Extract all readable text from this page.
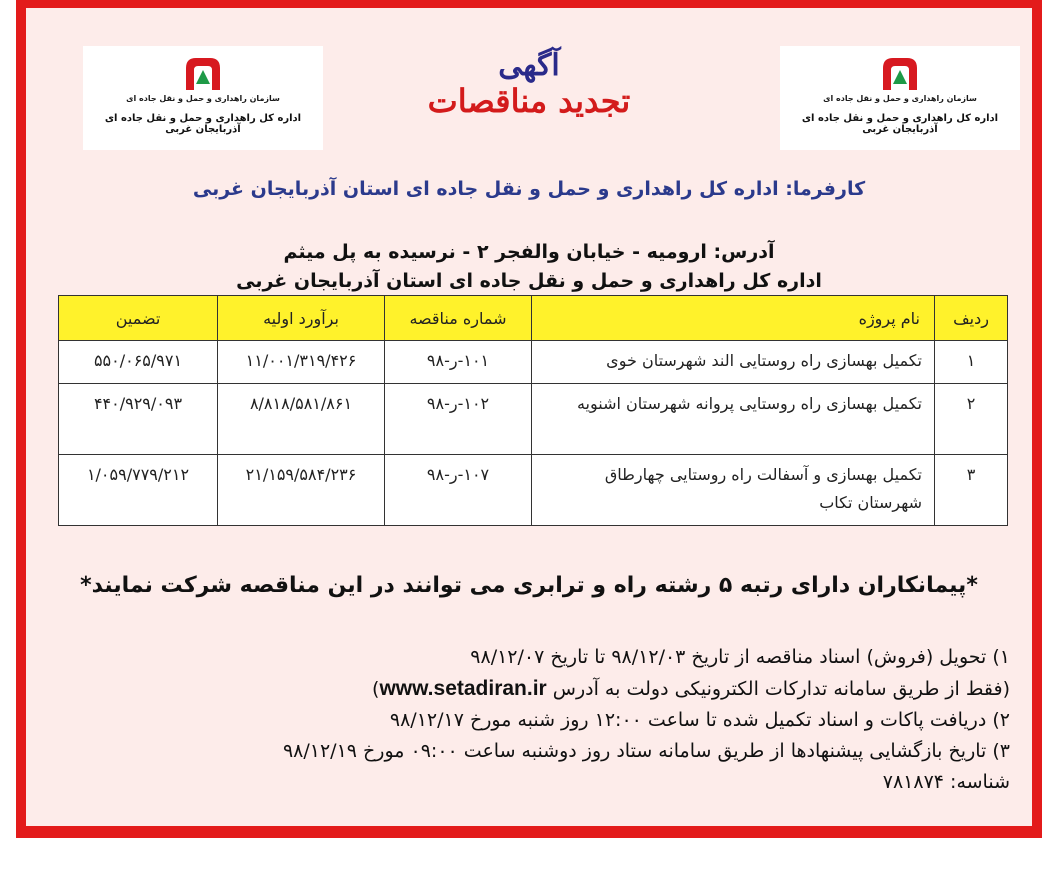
سازمان راهداری و حمل و نقل جاده ای
اداره کل راهداری و حمل و نقل جاده ای آذربایجان غربی
سازمان راهداری و حمل و نقل جاده ای
اداره کل راهداری و حمل و نقل جاده ای آذربایجان غربی
آگهی
تجدید مناقصات
کارفرما: اداره کل راهداری و حمل و نقل جاده ای استان آذربایجان غربی
آدرس: ارومیه - خیابان والفجر ۲ - نرسیده به پل میثم
اداره کل راهداری و حمل و نقل جاده ای استان آذربایجان غربی
ردیف	نام پروژه	شماره مناقصه	برآورد اولیه	تضمین
۱	تکمیل بهسازی راه روستایی الند شهرستان خوی	۱۰۱-ر-۹۸	۱۱/۰۰۱/۳۱۹/۴۲۶	۵۵۰/۰۶۵/۹۷۱
۲	تکمیل بهسازی راه روستایی پروانه شهرستان اشنویه	۱۰۲-ر-۹۸	۸/۸۱۸/۵۸۱/۸۶۱	۴۴۰/۹۲۹/۰۹۳
۳	تکمیل بهسازی و آسفالت راه روستایی چهارطاق شهرستان تکاب	۱۰۷-ر-۹۸	۲۱/۱۵۹/۵۸۴/۲۳۶	۱/۰۵۹/۷۷۹/۲۱۲
*پیمانکاران دارای رتبه ۵ رشته راه و ترابری می توانند در این مناقصه شرکت نمایند*
۱) تحویل (فروش) اسناد مناقصه از تاریخ ۹۸/۱۲/۰۳ تا تاریخ ۹۸/۱۲/۰۷
(فقط از طریق سامانه تدارکات الکترونیکی دولت به آدرس www.setadiran.ir)
۲) دریافت پاکات و اسناد تکمیل شده تا ساعت ۱۲:۰۰ روز شنبه مورخ ۹۸/۱۲/۱۷
۳) تاریخ بازگشایی پیشنهادها از طریق سامانه ستاد روز دوشنبه ساعت ۰۹:۰۰ مورخ ۹۸/۱۲/۱۹
شناسه: ۷۸۱۸۷۴
